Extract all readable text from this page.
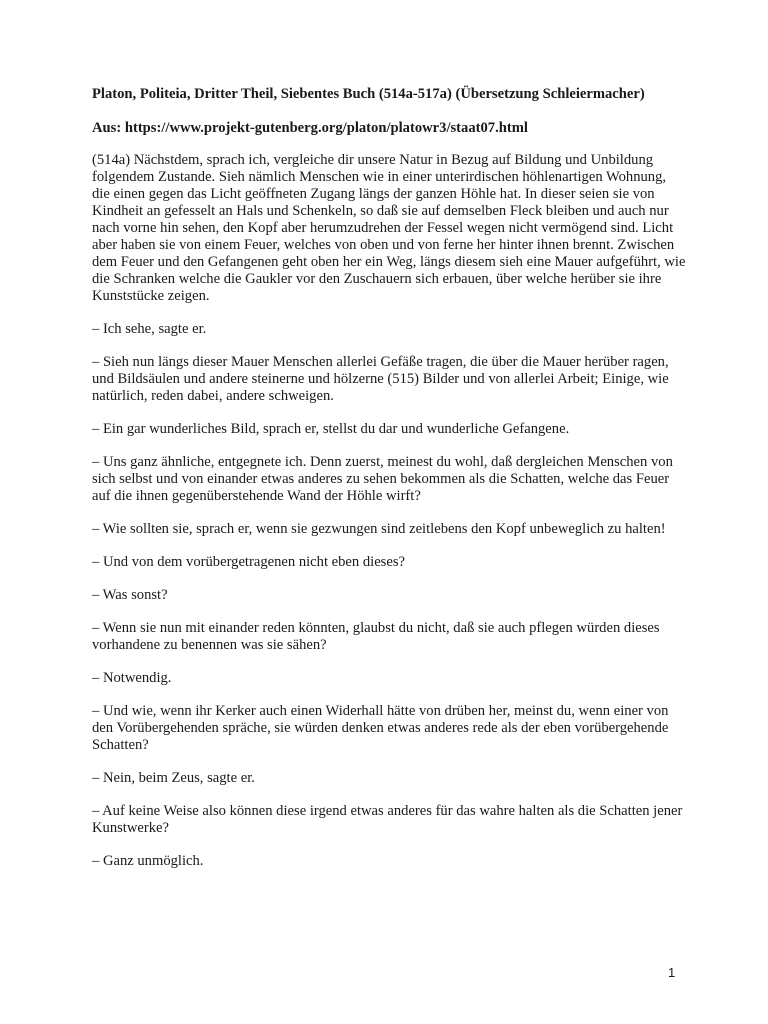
Platon, Politeia, Dritter Theil, Siebentes Buch (514a-517a) (Übersetzung Schleiermacher)

Aus: https://www.projekt-gutenberg.org/platon/platowr3/staat07.html

(514a) Nächstdem, sprach ich, vergleiche dir unsere Natur in Bezug auf Bildung und Unbildung folgendem Zustande. Sieh nämlich Menschen wie in einer unterirdischen höhlenartigen Wohnung, die einen gegen das Licht geöffneten Zugang längs der ganzen Höhle hat. In dieser seien sie von Kindheit an gefesselt an Hals und Schenkeln, so daß sie auf demselben Fleck bleiben und auch nur nach vorne hin sehen, den Kopf aber herumzudrehen der Fessel wegen nicht vermögend sind. Licht aber haben sie von einem Feuer, welches von oben und von ferne her hinter ihnen brennt. Zwischen dem Feuer und den Gefangenen geht oben her ein Weg, längs diesem sieh eine Mauer aufgeführt, wie die Schranken welche die Gaukler vor den Zuschauern sich erbauen, über welche herüber sie ihre Kunststücke zeigen.

– Ich sehe, sagte er.

– Sieh nun längs dieser Mauer Menschen allerlei Gefäße tragen, die über die Mauer herüber ragen, und Bildsäulen und andere steinerne und hölzerne (515) Bilder und von allerlei Arbeit; Einige, wie natürlich, reden dabei, andere schweigen.

– Ein gar wunderliches Bild, sprach er, stellst du dar und wunderliche Gefangene.

– Uns ganz ähnliche, entgegnete ich. Denn zuerst, meinest du wohl, daß dergleichen Menschen von sich selbst und von einander etwas anderes zu sehen bekommen als die Schatten, welche das Feuer auf die ihnen gegenüberstehende Wand der Höhle wirft?

– Wie sollten sie, sprach er, wenn sie gezwungen sind zeitlebens den Kopf unbeweglich zu halten!

– Und von dem vorübergetragenen nicht eben dieses?

– Was sonst?

– Wenn sie nun mit einander reden könnten, glaubst du nicht, daß sie auch pflegen würden dieses vorhandene zu benennen was sie sähen?

– Notwendig.

– Und wie, wenn ihr Kerker auch einen Widerhall hätte von drüben her, meinst du, wenn einer von den Vorübergehenden spräche, sie würden denken etwas anderes rede als der eben vorübergehende Schatten?

– Nein, beim Zeus, sagte er.

– Auf keine Weise also können diese irgend etwas anderes für das wahre halten als die Schatten jener Kunstwerke?

– Ganz unmöglich.

1
